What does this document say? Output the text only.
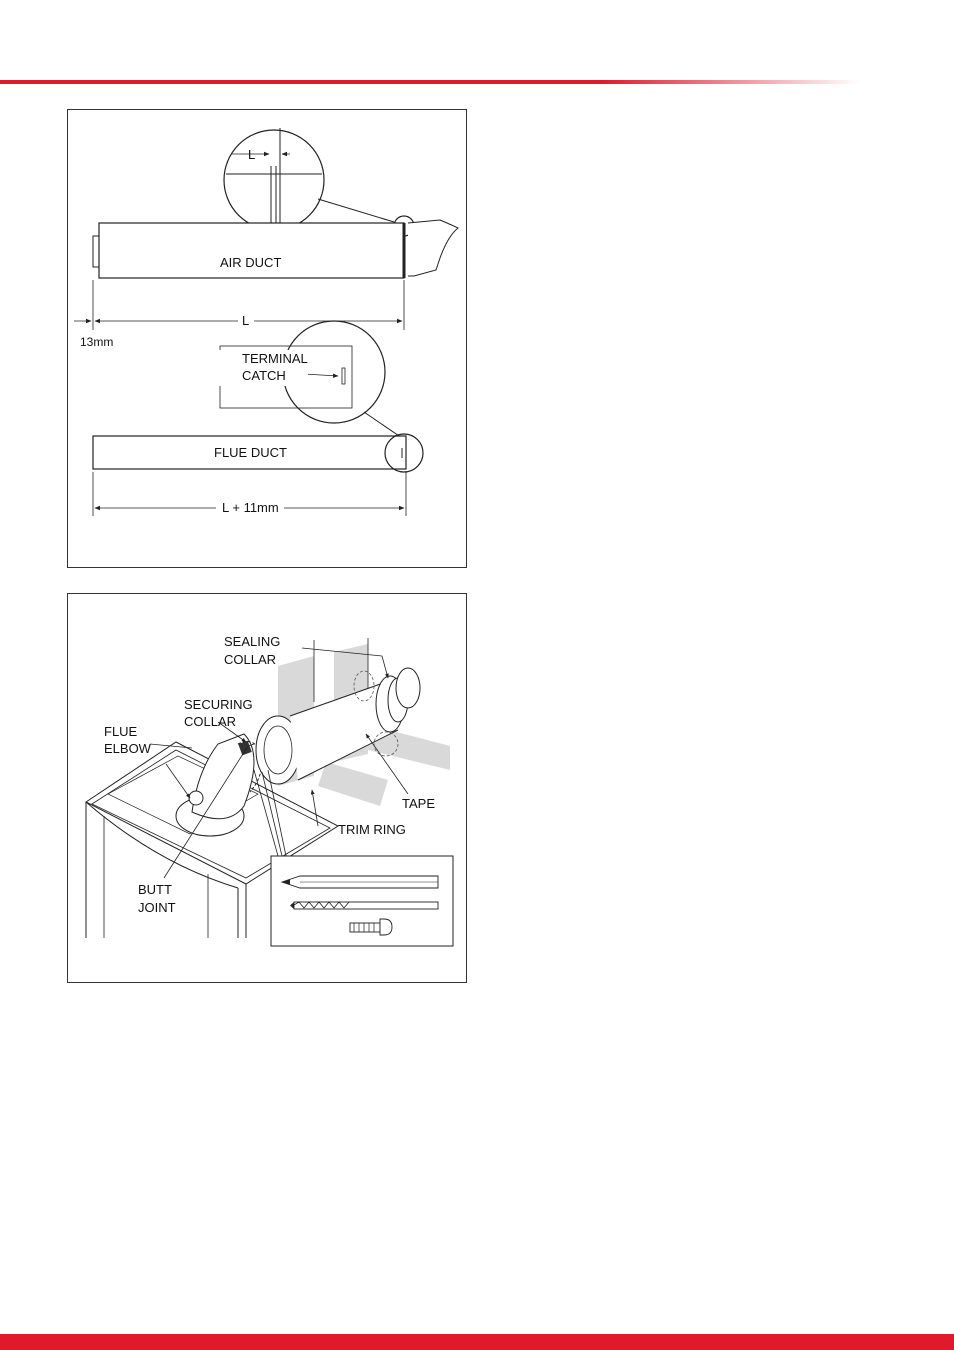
L
AIR DUCT
L
13mm
TERMINAL
CATCH
FLUE DUCT
L + 11mm
SEALING
COLLAR
SECURING
COLLAR
FLUE
ELBOW
TAPE
TRIM RING
BUTT
JOINT
